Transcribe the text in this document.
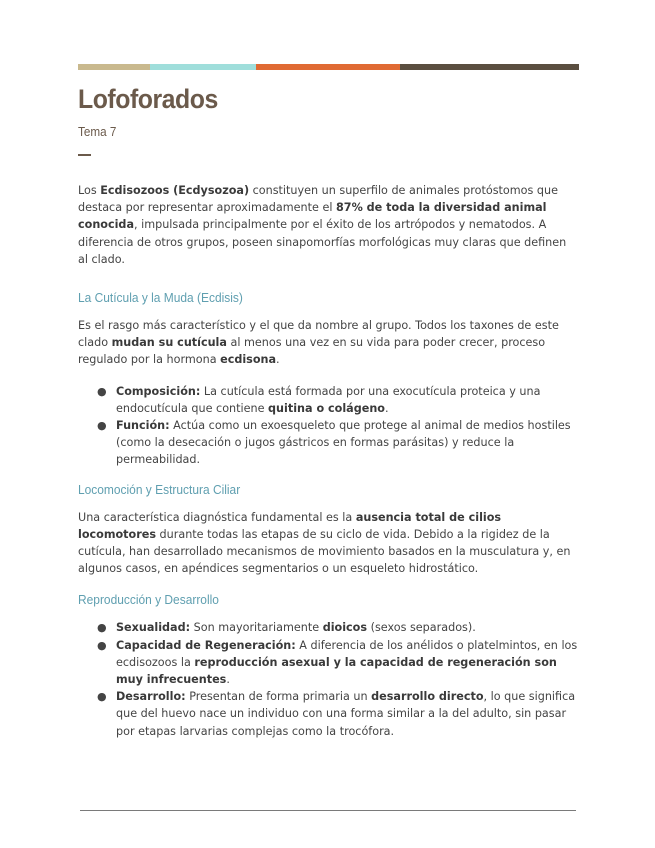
Lofoforados
Tema 7

Los Ecdisozoos (Ecdysozoa) constituyen un superfilo de animales protóstomos que destaca por representar aproximadamente el 87% de toda la diversidad animal conocida, impulsada principalmente por el éxito de los artrópodos y nematodos. A diferencia de otros grupos, poseen sinapomorfías morfológicas muy claras que definen al clado.

La Cutícula y la Muda (Ecdisis)

Es el rasgo más característico y el que da nombre al grupo. Todos los taxones de este clado mudan su cutícula al menos una vez en su vida para poder crecer, proceso regulado por la hormona ecdisona.

● Composición: La cutícula está formada por una exocutícula proteica y una endocutícula que contiene quitina o colágeno.
● Función: Actúa como un exoesqueleto que protege al animal de medios hostiles (como la desecación o jugos gástricos en formas parásitas) y reduce la permeabilidad.
Locomoción y Estructura Ciliar

Una característica diagnóstica fundamental es la ausencia total de cilios locomotores durante todas las etapas de su ciclo de vida. Debido a la rigidez de la cutícula, han desarrollado mecanismos de movimiento basados en la musculatura y, en algunos casos, en apéndices segmentarios o un esqueleto hidrostático.

Reproducción y Desarrollo
● Sexualidad: Son mayoritariamente dioicos (sexos separados).
● Capacidad de Regeneración: A diferencia de los anélidos o platelmintos, en los ecdisozoos la reproducción asexual y la capacidad de regeneración son muy infrecuentes.
● Desarrollo: Presentan de forma primaria un desarrollo directo, lo que significa que del huevo nace un individuo con una forma similar a la del adulto, sin pasar por etapas larvarias complejas como la trocófora.
